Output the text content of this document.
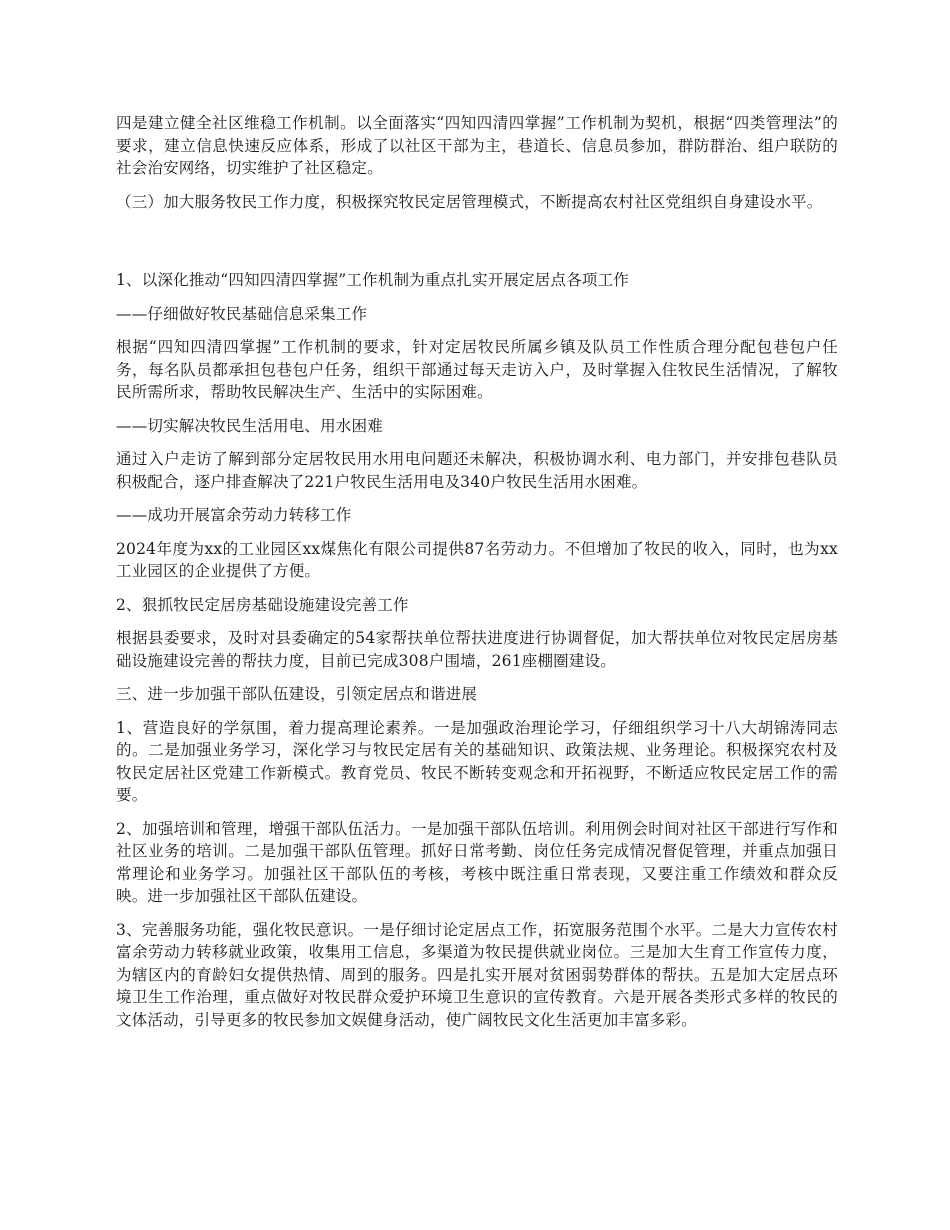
四是建立健全社区维稳工作机制。以全面落实“四知四清四掌握”工作机制为契机，根据“四类管理法”的要求，建立信息快速反应体系，形成了以社区干部为主，巷道长、信息员参加，群防群治、组户联防的社会治安网络，切实维护了社区稳定。

（三）加大服务牧民工作力度，积极探究牧民定居管理模式，不断提高农村社区党组织自身建设水平。

1、以深化推动“四知四清四掌握”工作机制为重点扎实开展定居点各项工作

——仔细做好牧民基础信息采集工作

根据“四知四清四掌握”工作机制的要求，针对定居牧民所属乡镇及队员工作性质合理分配包巷包户任务，每名队员都承担包巷包户任务，组织干部通过每天走访入户，及时掌握入住牧民生活情况，了解牧民所需所求，帮助牧民解决生产、生活中的实际困难。

——切实解决牧民生活用电、用水困难

通过入户走访了解到部分定居牧民用水用电问题还未解决，积极协调水利、电力部门，并安排包巷队员积极配合，逐户排查解决了221户牧民生活用电及340户牧民生活用水困难。

——成功开展富余劳动力转移工作

2024年度为xx的工业园区xx煤焦化有限公司提供87名劳动力。不但增加了牧民的收入，同时，也为xx工业园区的企业提供了方便。

2、狠抓牧民定居房基础设施建设完善工作

根据县委要求，及时对县委确定的54家帮扶单位帮扶进度进行协调督促，加大帮扶单位对牧民定居房基础设施建设完善的帮扶力度，目前已完成308户围墙，261座棚圈建设。

三、进一步加强干部队伍建设，引领定居点和谐进展

1、营造良好的学氛围，着力提高理论素养。一是加强政治理论学习，仔细组织学习十八大胡锦涛同志的。二是加强业务学习，深化学习与牧民定居有关的基础知识、政策法规、业务理论。积极探究农村及牧民定居社区党建工作新模式。教育党员、牧民不断转变观念和开拓视野，不断适应牧民定居工作的需要。

2、加强培训和管理，增强干部队伍活力。一是加强干部队伍培训。利用例会时间对社区干部进行写作和社区业务的培训。二是加强干部队伍管理。抓好日常考勤、岗位任务完成情况督促管理，并重点加强日常理论和业务学习。加强社区干部队伍的考核，考核中既注重日常表现，又要注重工作绩效和群众反映。进一步加强社区干部队伍建设。

3、完善服务功能，强化牧民意识。一是仔细讨论定居点工作，拓宽服务范围个水平。二是大力宣传农村富余劳动力转移就业政策，收集用工信息，多渠道为牧民提供就业岗位。三是加大生育工作宣传力度，为辖区内的育龄妇女提供热情、周到的服务。四是扎实开展对贫困弱势群体的帮扶。五是加大定居点环境卫生工作治理，重点做好对牧民群众爱护环境卫生意识的宣传教育。六是开展各类形式多样的牧民的文体活动，引导更多的牧民参加文娱健身活动，使广阔牧民文化生活更加丰富多彩。
